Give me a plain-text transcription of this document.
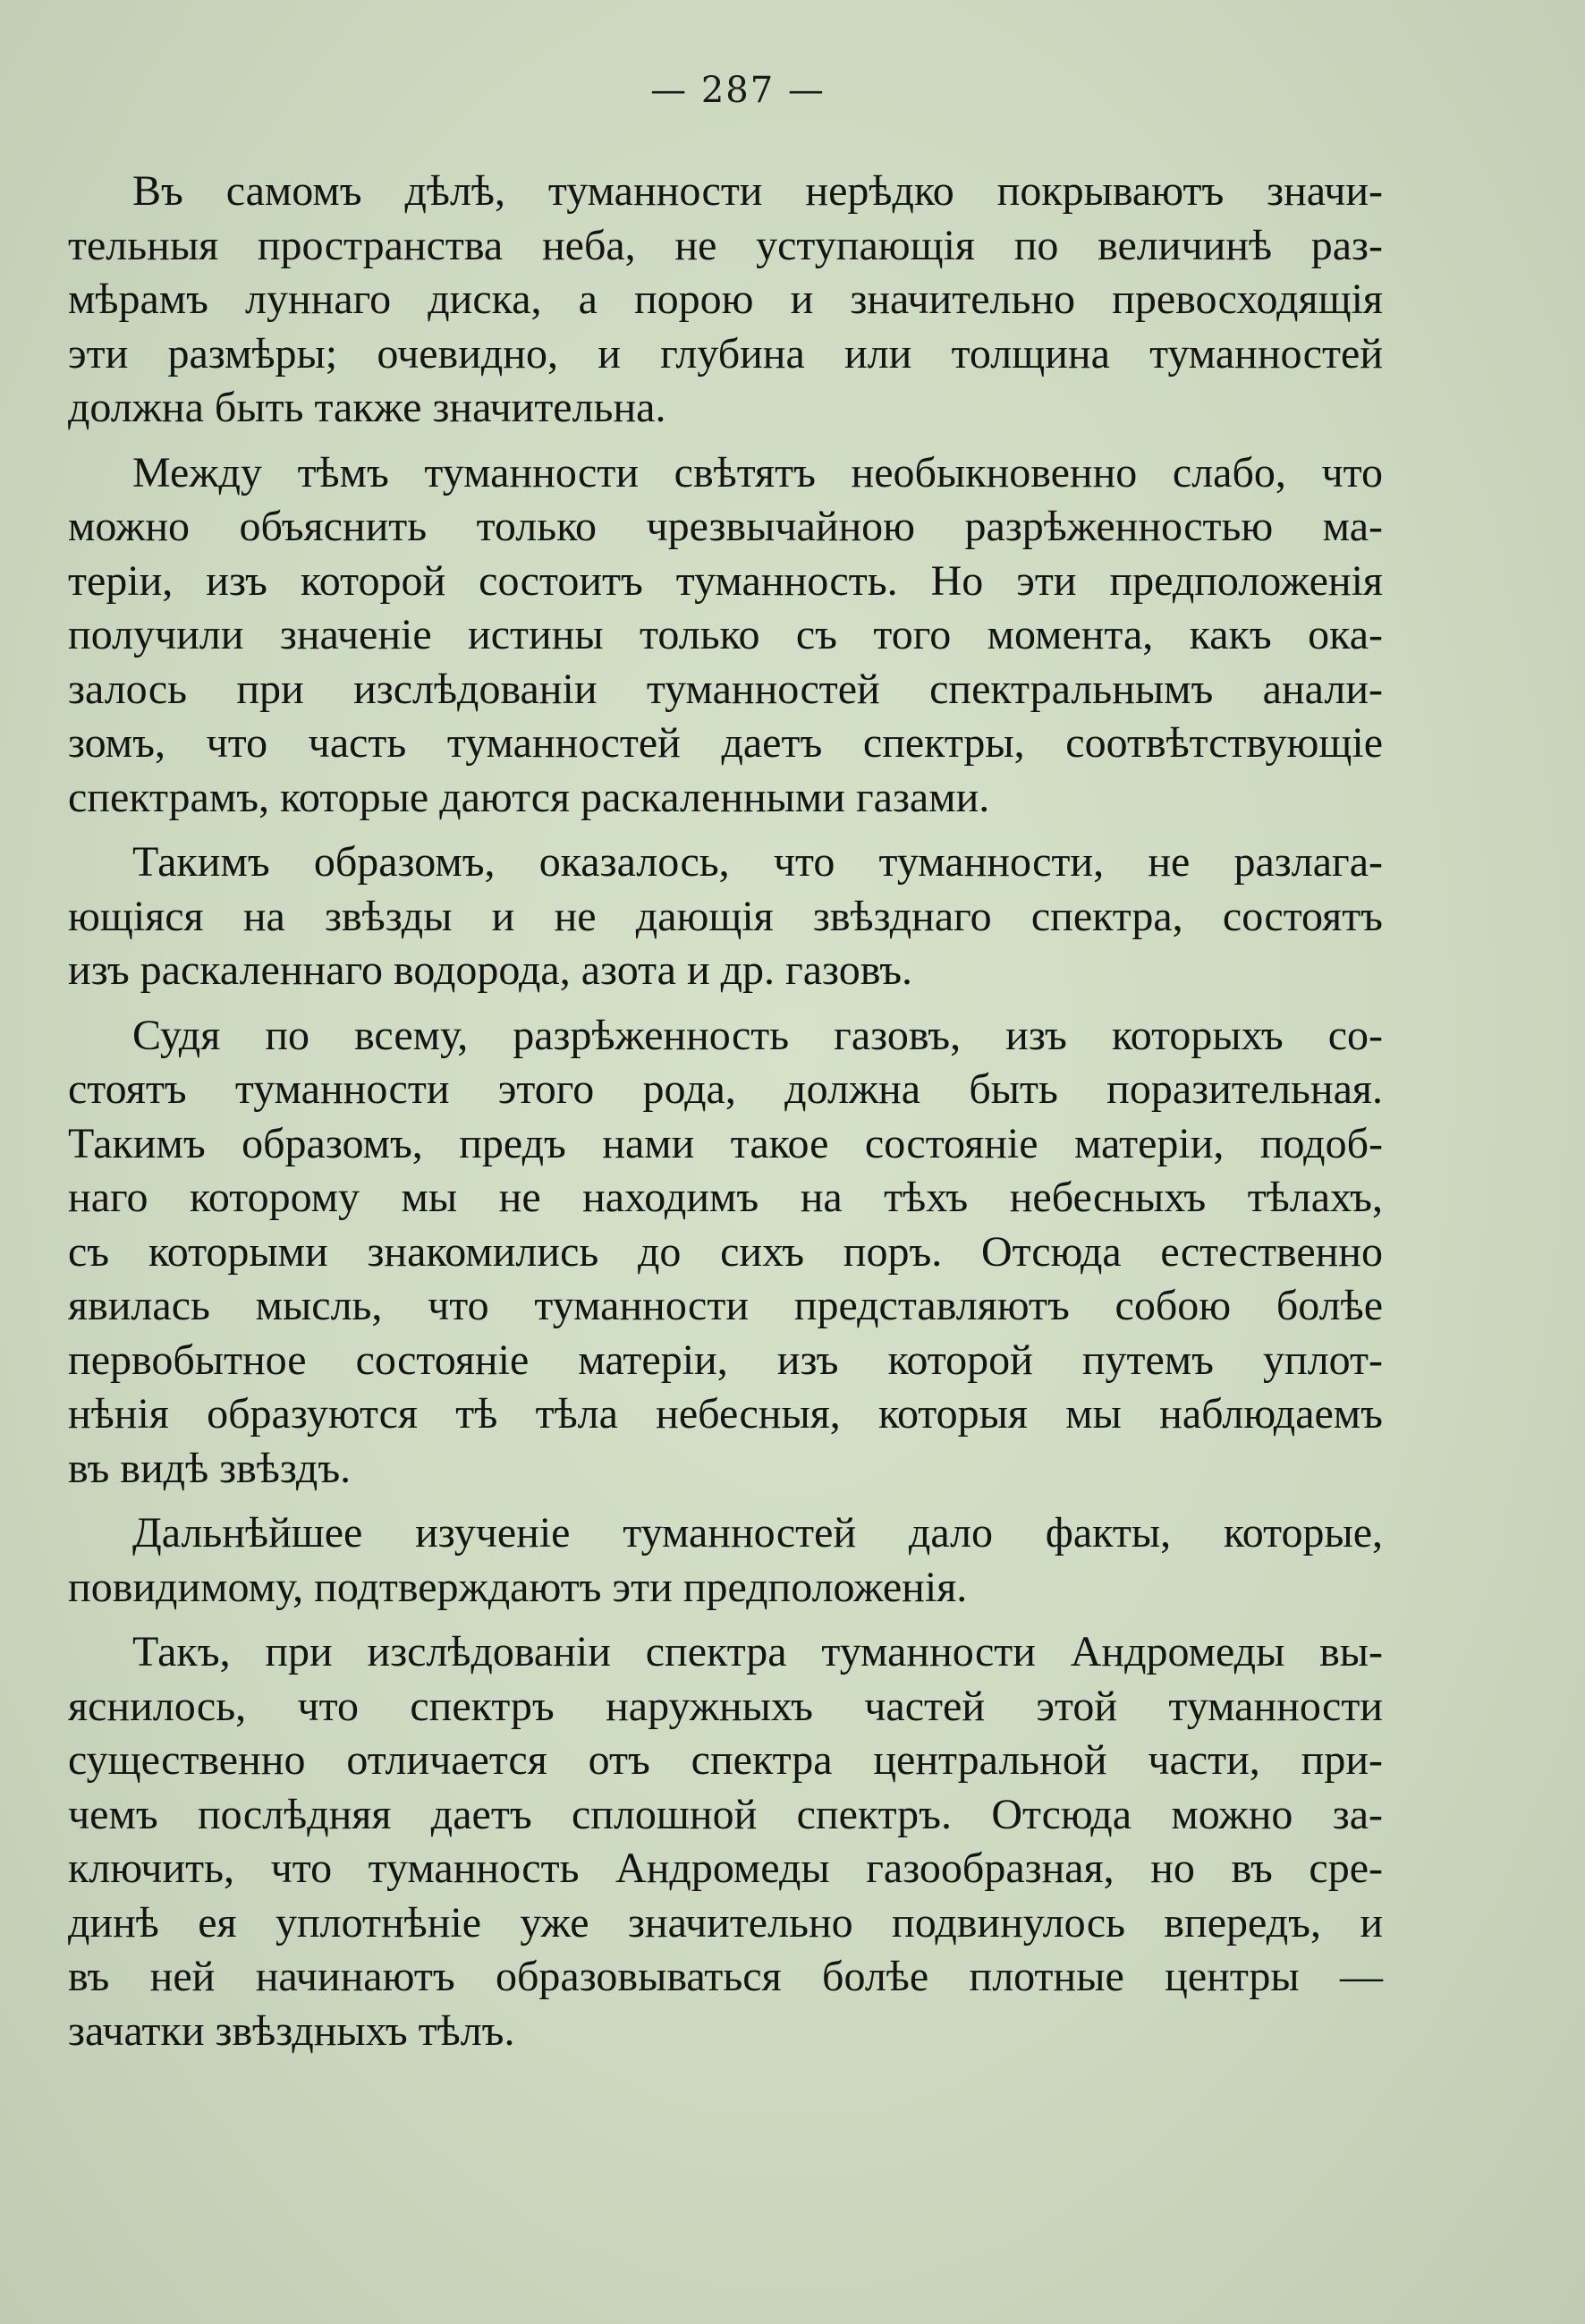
— 287 —
Въ самомъ дѣлѣ, туманности нерѣдко покрываютъ значи-
тельныя пространства неба, не уступающія по величинѣ раз-
мѣрамъ луннаго диска, а порою и значительно превосходящія
эти размѣры; очевидно, и глубина или толщина туманностей
должна быть также значительна.
Между тѣмъ туманности свѣтятъ необыкновенно слабо, что
можно объяснить только чрезвычайною разрѣженностью ма-
теріи, изъ которой состоитъ туманность. Но эти предположенія
получили значеніе истины только съ того момента, какъ ока-
залось при изслѣдованіи туманностей спектральнымъ анали-
зомъ, что часть туманностей даетъ спектры, соотвѣтствующіе
спектрамъ, которые даются раскаленными газами.
Такимъ образомъ, оказалось, что туманности, не разлага-
ющіяся на звѣзды и не дающія звѣзднаго спектра, состоятъ
изъ раскаленнаго водорода, азота и др. газовъ.
Судя по всему, разрѣженность газовъ, изъ которыхъ со-
стоятъ туманности этого рода, должна быть поразительная.
Такимъ образомъ, предъ нами такое состояніе матеріи, подоб-
наго которому мы не находимъ на тѣхъ небесныхъ тѣлахъ,
съ которыми знакомились до сихъ поръ. Отсюда естественно
явилась мысль, что туманности представляютъ собою болѣе
первобытное состояніе матеріи, изъ которой путемъ уплот-
нѣнія образуются тѣ тѣла небесныя, которыя мы наблюдаемъ
въ видѣ звѣздъ.
Дальнѣйшее изученіе туманностей дало факты, которые,
повидимому, подтверждаютъ эти предположенія.
Такъ, при изслѣдованіи спектра туманности Андромеды вы-
яснилось, что спектръ наружныхъ частей этой туманности
существенно отличается отъ спектра центральной части, при-
чемъ послѣдняя даетъ сплошной спектръ. Отсюда можно за-
ключить, что туманность Андромеды газообразная, но въ сре-
динѣ ея уплотнѣніе уже значительно подвинулось впередъ, и
въ ней начинаютъ образовываться болѣе плотные центры —
зачатки звѣздныхъ тѣлъ.
